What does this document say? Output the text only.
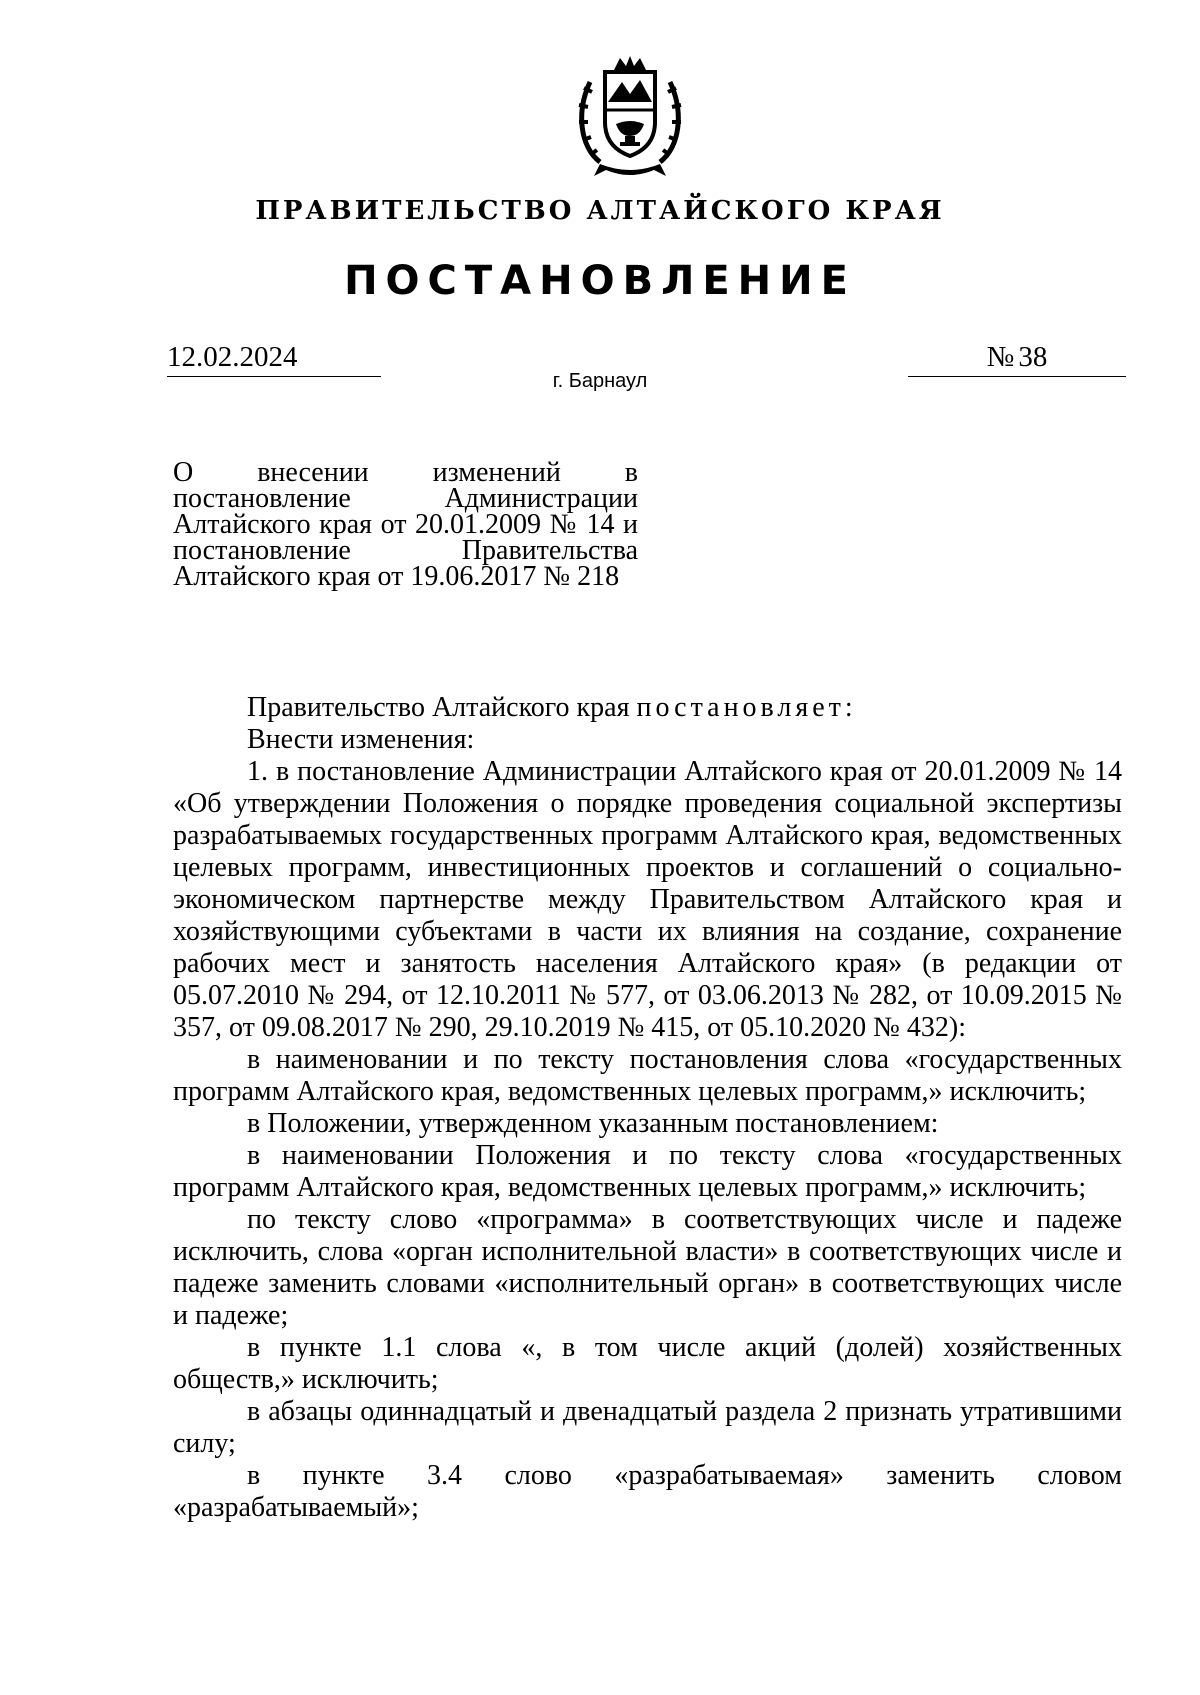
ПРАВИТЕЛЬСТВО АЛТАЙСКОГО КРАЯ
ПОСТАНОВЛЕНИЕ
12.02.2024	№ 38
г. Барнаул
О внесении изменений в
постановление Администрации
Алтайского края от 20.01.2009 № 14 и
постановление Правительства
Алтайского края от 19.06.2017 № 218

Правительство Алтайского края постановляет:

Внести изменения:

1. в постановление Администрации Алтайского края от 20.01.2009 № 14 «Об утверждении Положения о порядке проведения социальной экспертизы разрабатываемых государственных программ Алтайского края, ведомственных целевых программ, инвестиционных проектов и соглашений о социально-экономическом партнерстве между Правительством Алтайского края и хозяйствующими субъектами в части их влияния на создание, сохранение рабочих мест и занятость населения Алтайского края» (в редакции от 05.07.2010 № 294, от 12.10.2011 № 577, от 03.06.2013 № 282, от 10.09.2015 № 357, от 09.08.2017 № 290, 29.10.2019 № 415, от 05.10.2020 № 432):

в наименовании и по тексту постановления слова «государственных программ Алтайского края, ведомственных целевых программ,» исключить;

в Положении, утвержденном указанным постановлением:

в наименовании Положения и по тексту слова «государственных программ Алтайского края, ведомственных целевых программ,» исключить;

по тексту слово «программа» в соответствующих числе и падеже исключить, слова «орган исполнительной власти» в соответствующих числе и падеже заменить словами «исполнительный орган» в соответствующих числе и падеже;

в пункте 1.1 слова «, в том числе акций (долей) хозяйственных обществ,» исключить;

в абзацы одиннадцатый и двенадцатый раздела 2 признать утратившими силу;

в пункте 3.4 слово «разрабатываемая» заменить словом «разрабатываемый»;
